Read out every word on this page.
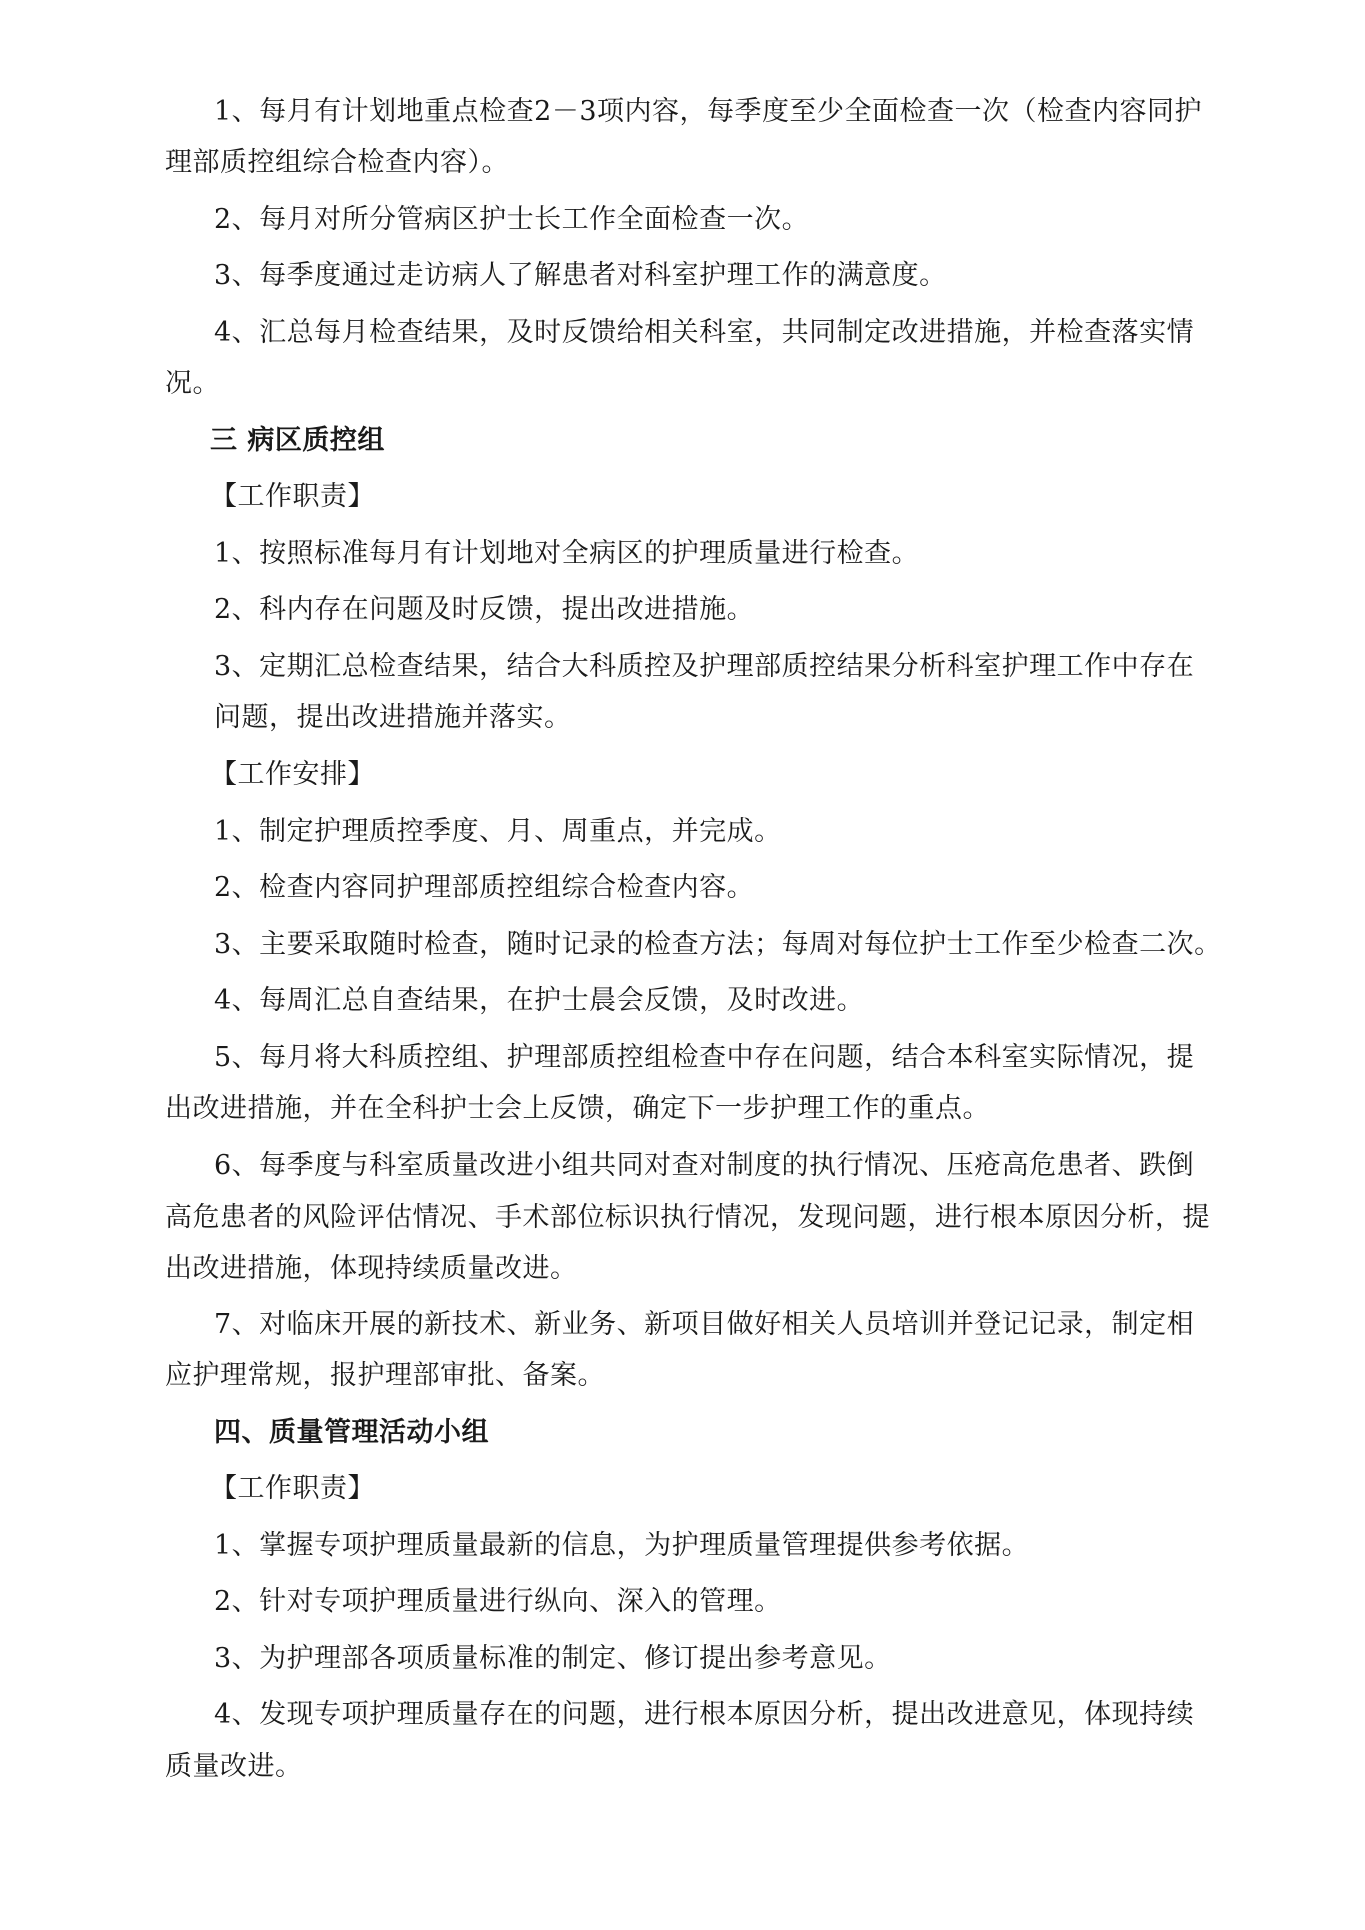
1、每月有计划地重点检查2－3项内容，每季度至少全面检查一次（检查内容同护
理部质控组综合检查内容）。
2、每月对所分管病区护士长工作全面检查一次。
3、每季度通过走访病人了解患者对科室护理工作的满意度。
4、汇总每月检查结果，及时反馈给相关科室，共同制定改进措施，并检查落实情
况。
三 病区质控组
【工作职责】
1、按照标准每月有计划地对全病区的护理质量进行检查。
2、科内存在问题及时反馈，提出改进措施。
3、定期汇总检查结果，结合大科质控及护理部质控结果分析科室护理工作中存在
问题，提出改进措施并落实。
【工作安排】
1、制定护理质控季度、月、周重点，并完成。
2、检查内容同护理部质控组综合检查内容。
3、主要采取随时检查，随时记录的检查方法；每周对每位护士工作至少检查二次。
4、每周汇总自查结果，在护士晨会反馈，及时改进。
5、每月将大科质控组、护理部质控组检查中存在问题，结合本科室实际情况，提
出改进措施，并在全科护士会上反馈，确定下一步护理工作的重点。
6、每季度与科室质量改进小组共同对查对制度的执行情况、压疮高危患者、跌倒
高危患者的风险评估情况、手术部位标识执行情况，发现问题，进行根本原因分析，提
出改进措施，体现持续质量改进。
7、对临床开展的新技术、新业务、新项目做好相关人员培训并登记记录，制定相
应护理常规，报护理部审批、备案。
四、质量管理活动小组
【工作职责】
1、掌握专项护理质量最新的信息，为护理质量管理提供参考依据。
2、针对专项护理质量进行纵向、深入的管理。
3、为护理部各项质量标准的制定、修订提出参考意见。
4、发现专项护理质量存在的问题，进行根本原因分析，提出改进意见，体现持续
质量改进。
